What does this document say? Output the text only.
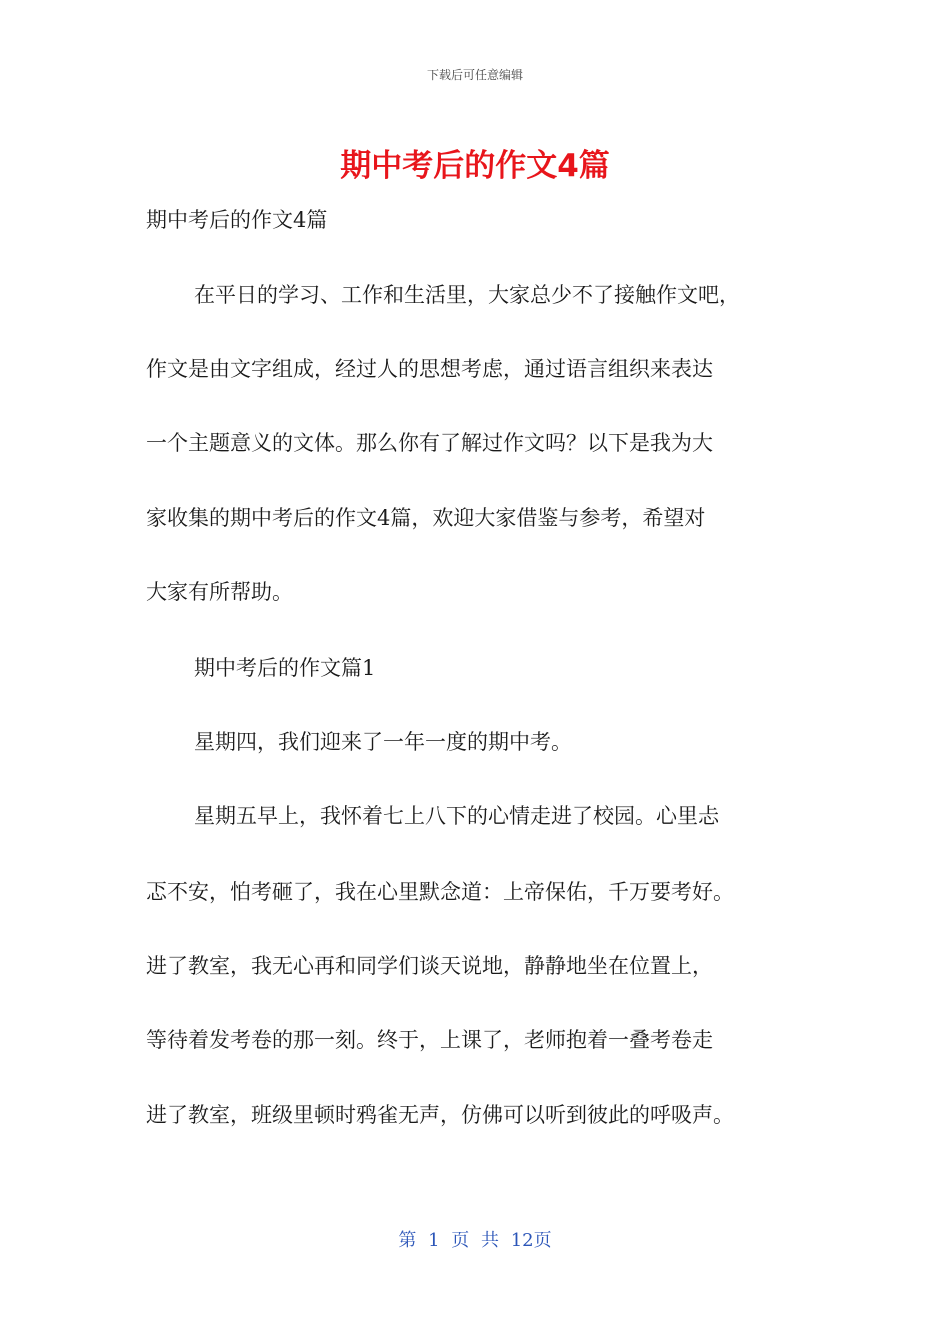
下载后可任意编辑
期中考后的作文4篇
期中考后的作文4篇
在平日的学习、工作和生活里，大家总少不了接触作文吧，
作文是由文字组成，经过人的思想考虑，通过语言组织来表达
一个主题意义的文体。那么你有了解过作文吗？以下是我为大
家收集的期中考后的作文4篇，欢迎大家借鉴与参考，希望对
大家有所帮助。
期中考后的作文篇1
星期四，我们迎来了一年一度的期中考。
星期五早上，我怀着七上八下的心情走进了校园。心里忐
忑不安，怕考砸了，我在心里默念道：上帝保佑，千万要考好。
进了教室，我无心再和同学们谈天说地，静静地坐在位置上，
等待着发考卷的那一刻。终于，上课了，老师抱着一叠考卷走
进了教室，班级里顿时鸦雀无声，仿佛可以听到彼此的呼吸声。
第 1 页 共 12页
